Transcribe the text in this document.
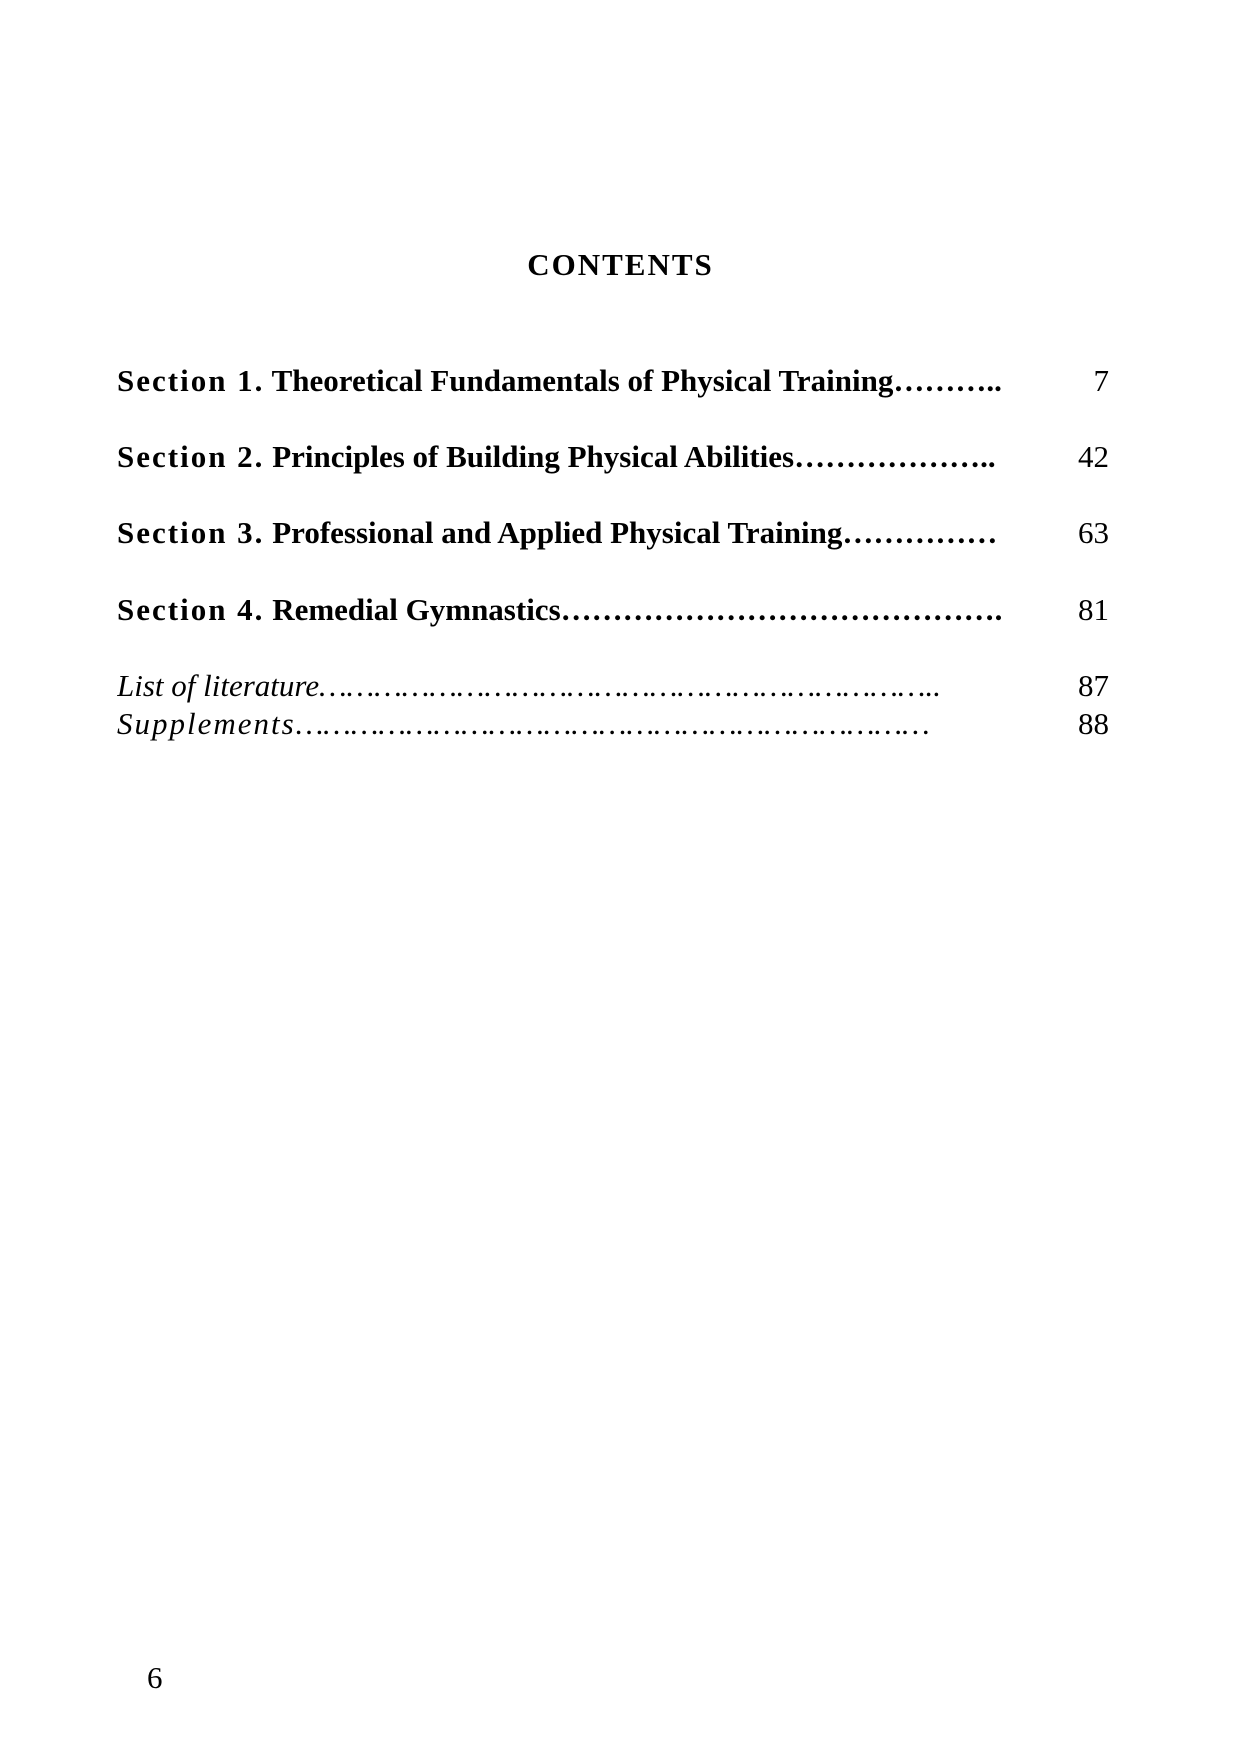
CONTENTS
Section 1. Theoretical Fundamentals of Physical Training ………..	7
Section 2. Principles of Building Physical Abilities ………………..	42
Section 3. Professional and Applied Physical Training ……………	63
Section 4. Remedial Gymnastics …………………………………….	81
List of literature …………………………………………………………..	87
Supplements ……………………………………………………………	88
6
